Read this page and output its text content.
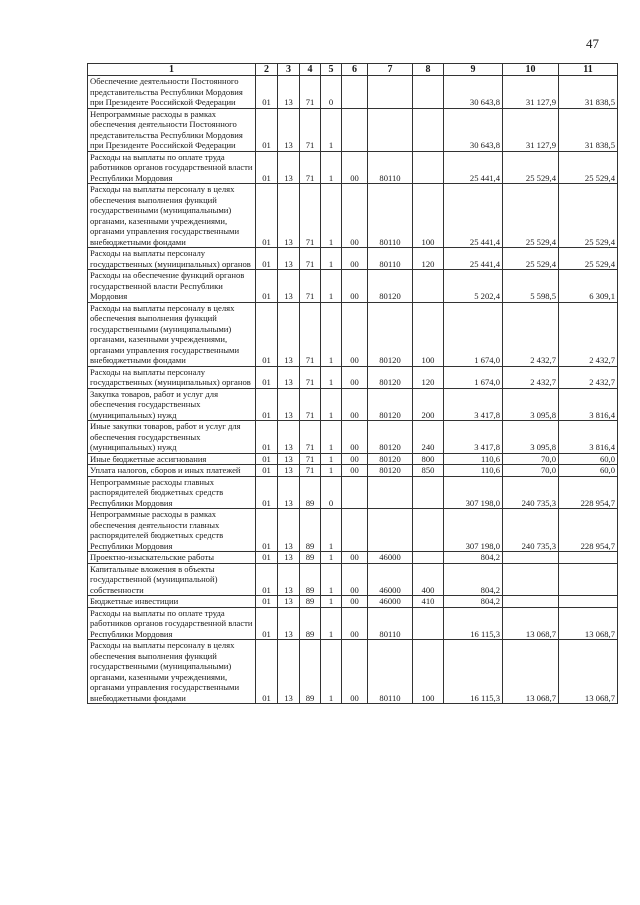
47
1	2	3	4	5	6	7	8	9	10	11
Обеспечение деятельности Постоянного представительства Республики Мордовия при Президенте Российской Федерации	01	13	71	0				30 643,8	31 127,9	31 838,5
Непрограммные расходы в рамках обеспечения деятельности Постоянного представительства Республики Мордовия при Президенте Российской Федерации	01	13	71	1				30 643,8	31 127,9	31 838,5
Расходы на выплаты по оплате труда работников органов государственной власти Республики Мордовия	01	13	71	1	00	80110		25 441,4	25 529,4	25 529,4
Расходы на выплаты персоналу в целях обеспечения выполнения функций государственными (муниципальными) органами, казенными учреждениями, органами управления государственными внебюджетными фондами	01	13	71	1	00	80110	100	25 441,4	25 529,4	25 529,4
Расходы на выплаты персоналу государственных (муниципальных) органов	01	13	71	1	00	80110	120	25 441,4	25 529,4	25 529,4
Расходы на обеспечение функций органов государственной власти Республики Мордовия	01	13	71	1	00	80120		5 202,4	5 598,5	6 309,1
Расходы на выплаты персоналу в целях обеспечения выполнения функций государственными (муниципальными) органами, казенными учреждениями, органами управления государственными внебюджетными фондами	01	13	71	1	00	80120	100	1 674,0	2 432,7	2 432,7
Расходы на выплаты персоналу государственных (муниципальных) органов	01	13	71	1	00	80120	120	1 674,0	2 432,7	2 432,7
Закупка товаров, работ и услуг для обеспечения государственных (муниципальных) нужд	01	13	71	1	00	80120	200	3 417,8	3 095,8	3 816,4
Иные закупки товаров, работ и услуг для обеспечения государственных (муниципальных) нужд	01	13	71	1	00	80120	240	3 417,8	3 095,8	3 816,4
Иные бюджетные ассигнования	01	13	71	1	00	80120	800	110,6	70,0	60,0
Уплата налогов, сборов и иных платежей	01	13	71	1	00	80120	850	110,6	70,0	60,0
Непрограммные расходы главных распорядителей бюджетных средств Республики Мордовия	01	13	89	0				307 198,0	240 735,3	228 954,7
Непрограммные расходы в рамках обеспечения деятельности главных распорядителей бюджетных средств Республики Мордовия	01	13	89	1				307 198,0	240 735,3	228 954,7
Проектно-изыскательские работы	01	13	89	1	00	46000		804,2		
Капитальные вложения в объекты государственной (муниципальной) собственности	01	13	89	1	00	46000	400	804,2		
Бюджетные инвестиции	01	13	89	1	00	46000	410	804,2		
Расходы на выплаты по оплате труда работников органов государственной власти Республики Мордовия	01	13	89	1	00	80110		16 115,3	13 068,7	13 068,7
Расходы на выплаты персоналу в целях обеспечения выполнения функций государственными (муниципальными) органами, казенными учреждениями, органами управления государственными внебюджетными фондами	01	13	89	1	00	80110	100	16 115,3	13 068,7	13 068,7
